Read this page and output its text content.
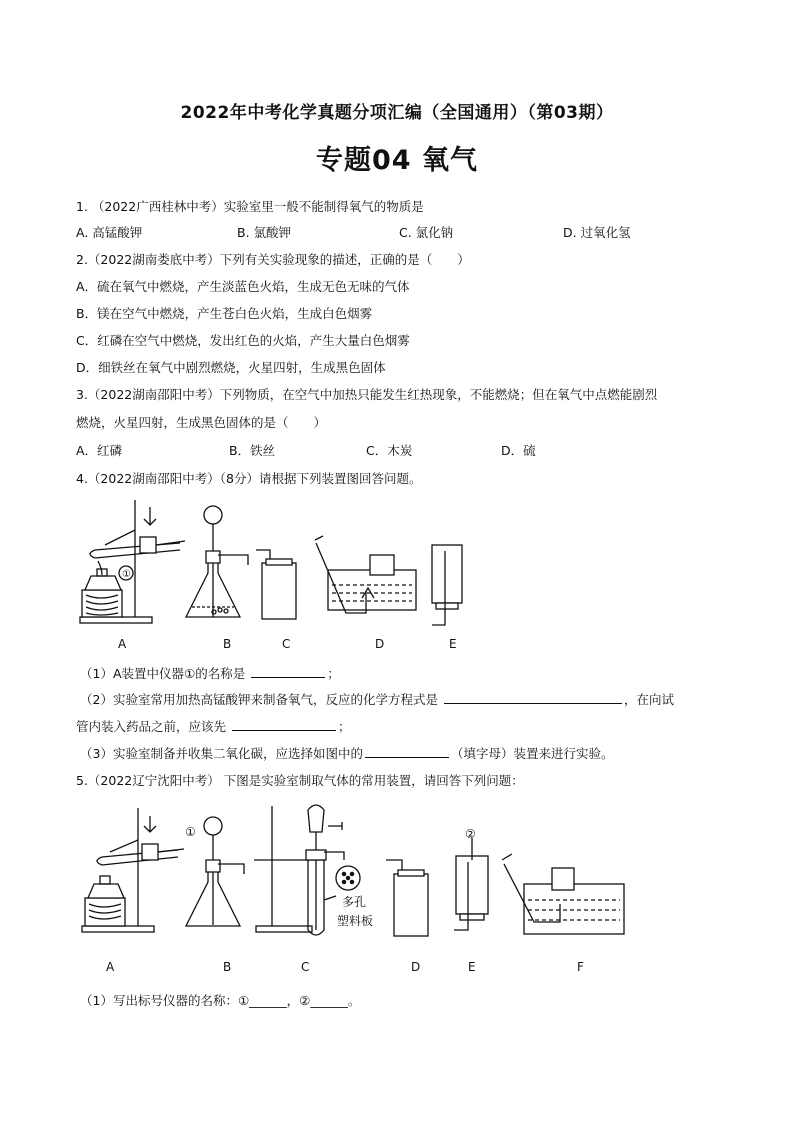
2022年中考化学真题分项汇编（全国通用）（第03期）
专题04 氧气
1. （2022广西桂林中考）实验室里一般不能制得氧气的物质是
A. 高锰酸钾	B. 氯酸钾	C. 氯化钠	D. 过氧化氢
2.（2022湖南娄底中考）下列有关实验现象的描述，正确的是（　　）
A．硫在氧气中燃烧，产生淡蓝色火焰，生成无色无味的气体
B．镁在空气中燃烧，产生苍白色火焰，生成白色烟雾
C．红磷在空气中燃烧，发出红色的火焰，产生大量白色烟雾
D．细铁丝在氧气中剧烈燃烧，火星四射，生成黑色固体
3.（2022湖南邵阳中考）下列物质，在空气中加热只能发生红热现象，不能燃烧；但在氧气中点燃能剧烈
燃烧，火星四射，生成黑色固体的是（　　）
A．红磷	B．铁丝	C．木炭	D．硫
4.（2022湖南邵阳中考）（8分）请根据下列装置图回答问题。
①
A	B	C	D	E
（1）A装置中仪器①的名称是	；
（2）实验室常用加热高锰酸钾来制备氧气，反应的化学方程式是	，在向试
管内装入药品之前，应该先	；
（3）实验室制备并收集二氧化碳，应选择如图中的	（填字母）装置来进行实验。
5.（2022辽宁沈阳中考） 下图是实验室制取气体的常用装置，请回答下列问题：
①	②
多孔
塑料板
A	B	C	D	E	F
（1）写出标号仪器的名称：①______，②______。
